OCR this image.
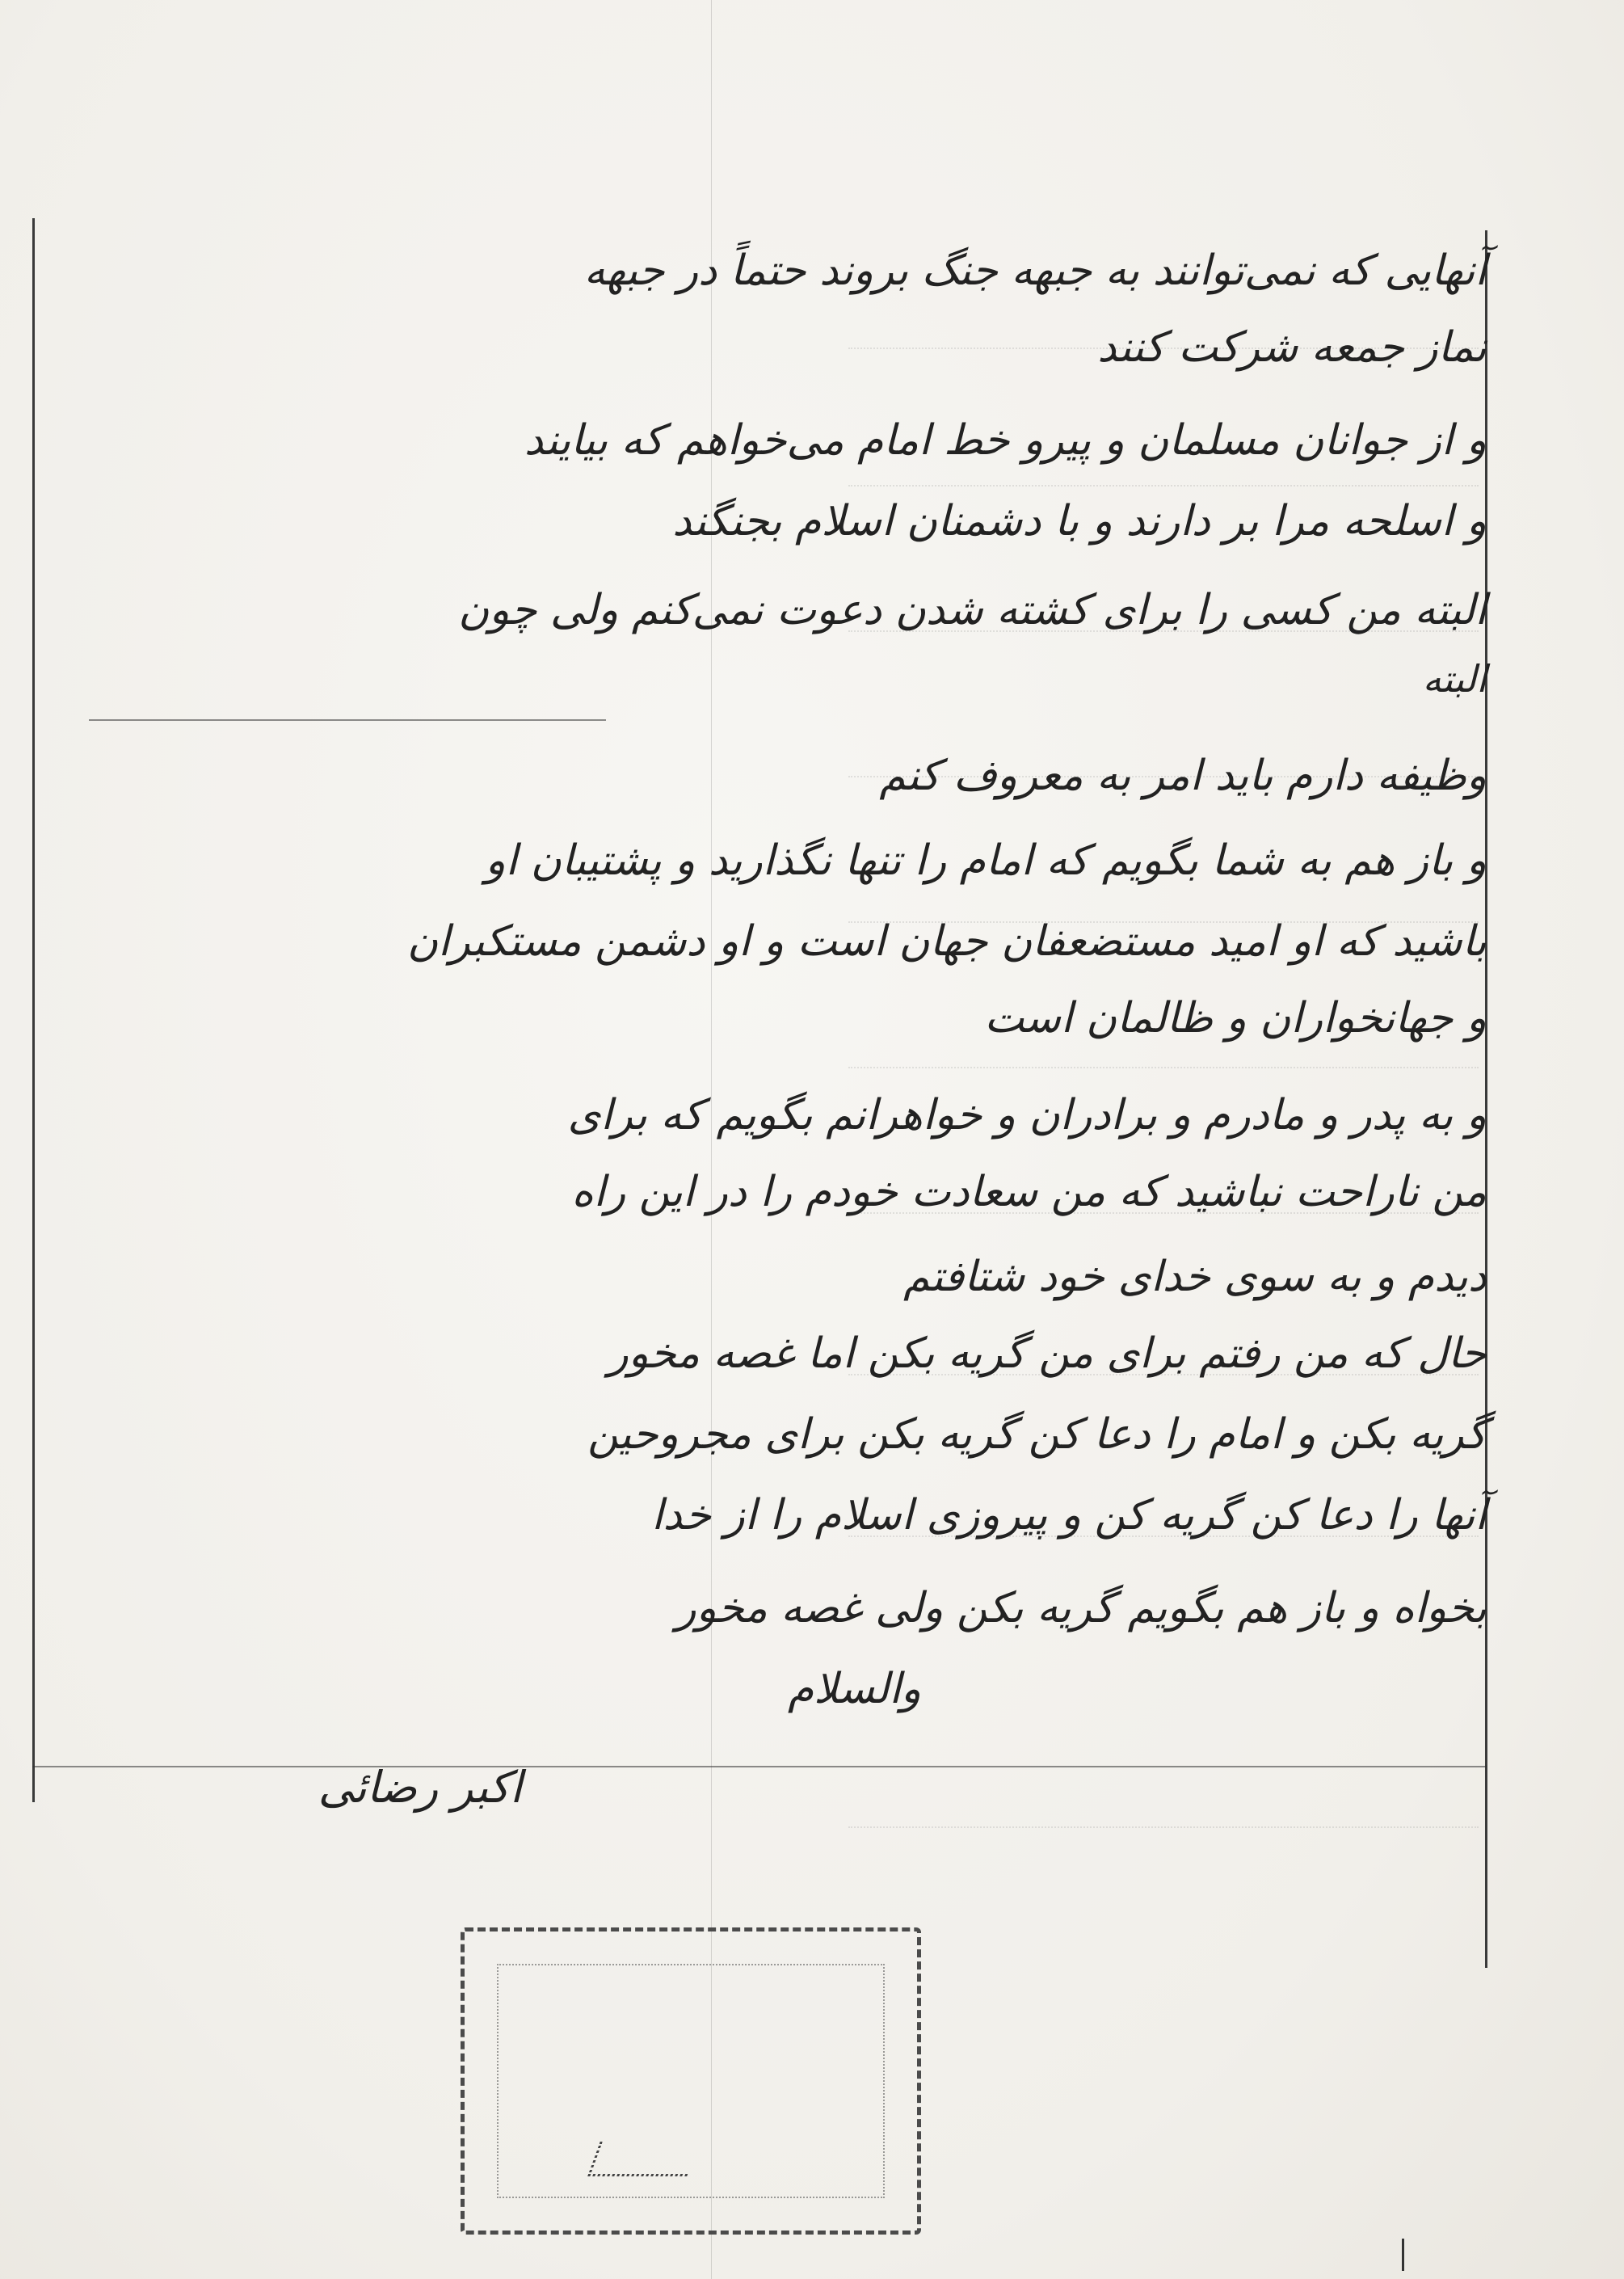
آنهایی که نمی‌توانند به جبهه جنگ بروند حتماً در جبهه
نماز جمعه شرکت کنند
و از جوانان مسلمان و پیرو خط امام می‌خواهم که بیایند
و اسلحه مرا بر دارند و با دشمنان اسلام بجنگند
البته من کسی را برای کشته شدن دعوت نمی‌کنم ولی چون
البته
وظیفه دارم باید امر به معروف کنم
و باز هم به شما بگویم که امام را تنها نگذارید و پشتیبان او
باشید که او امید مستضعفان جهان است و او دشمن مستکبران
و جهانخواران و ظالمان است
و به پدر و مادرم و برادران و خواهرانم بگویم که برای
من ناراحت نباشید که من سعادت خودم را در این راه
دیدم و به سوی خدای خود شتافتم
حال که من رفتم برای من گریه بکن اما غصه مخور
گریه بکن و امام را دعا کن گریه بکن برای مجروحین
آنها را دعا کن گریه کن و پیروزی اسلام را از خدا
بخواه و باز هم بگویم گریه بکن ولی غصه مخور
والسلام
اکبر رضائی
